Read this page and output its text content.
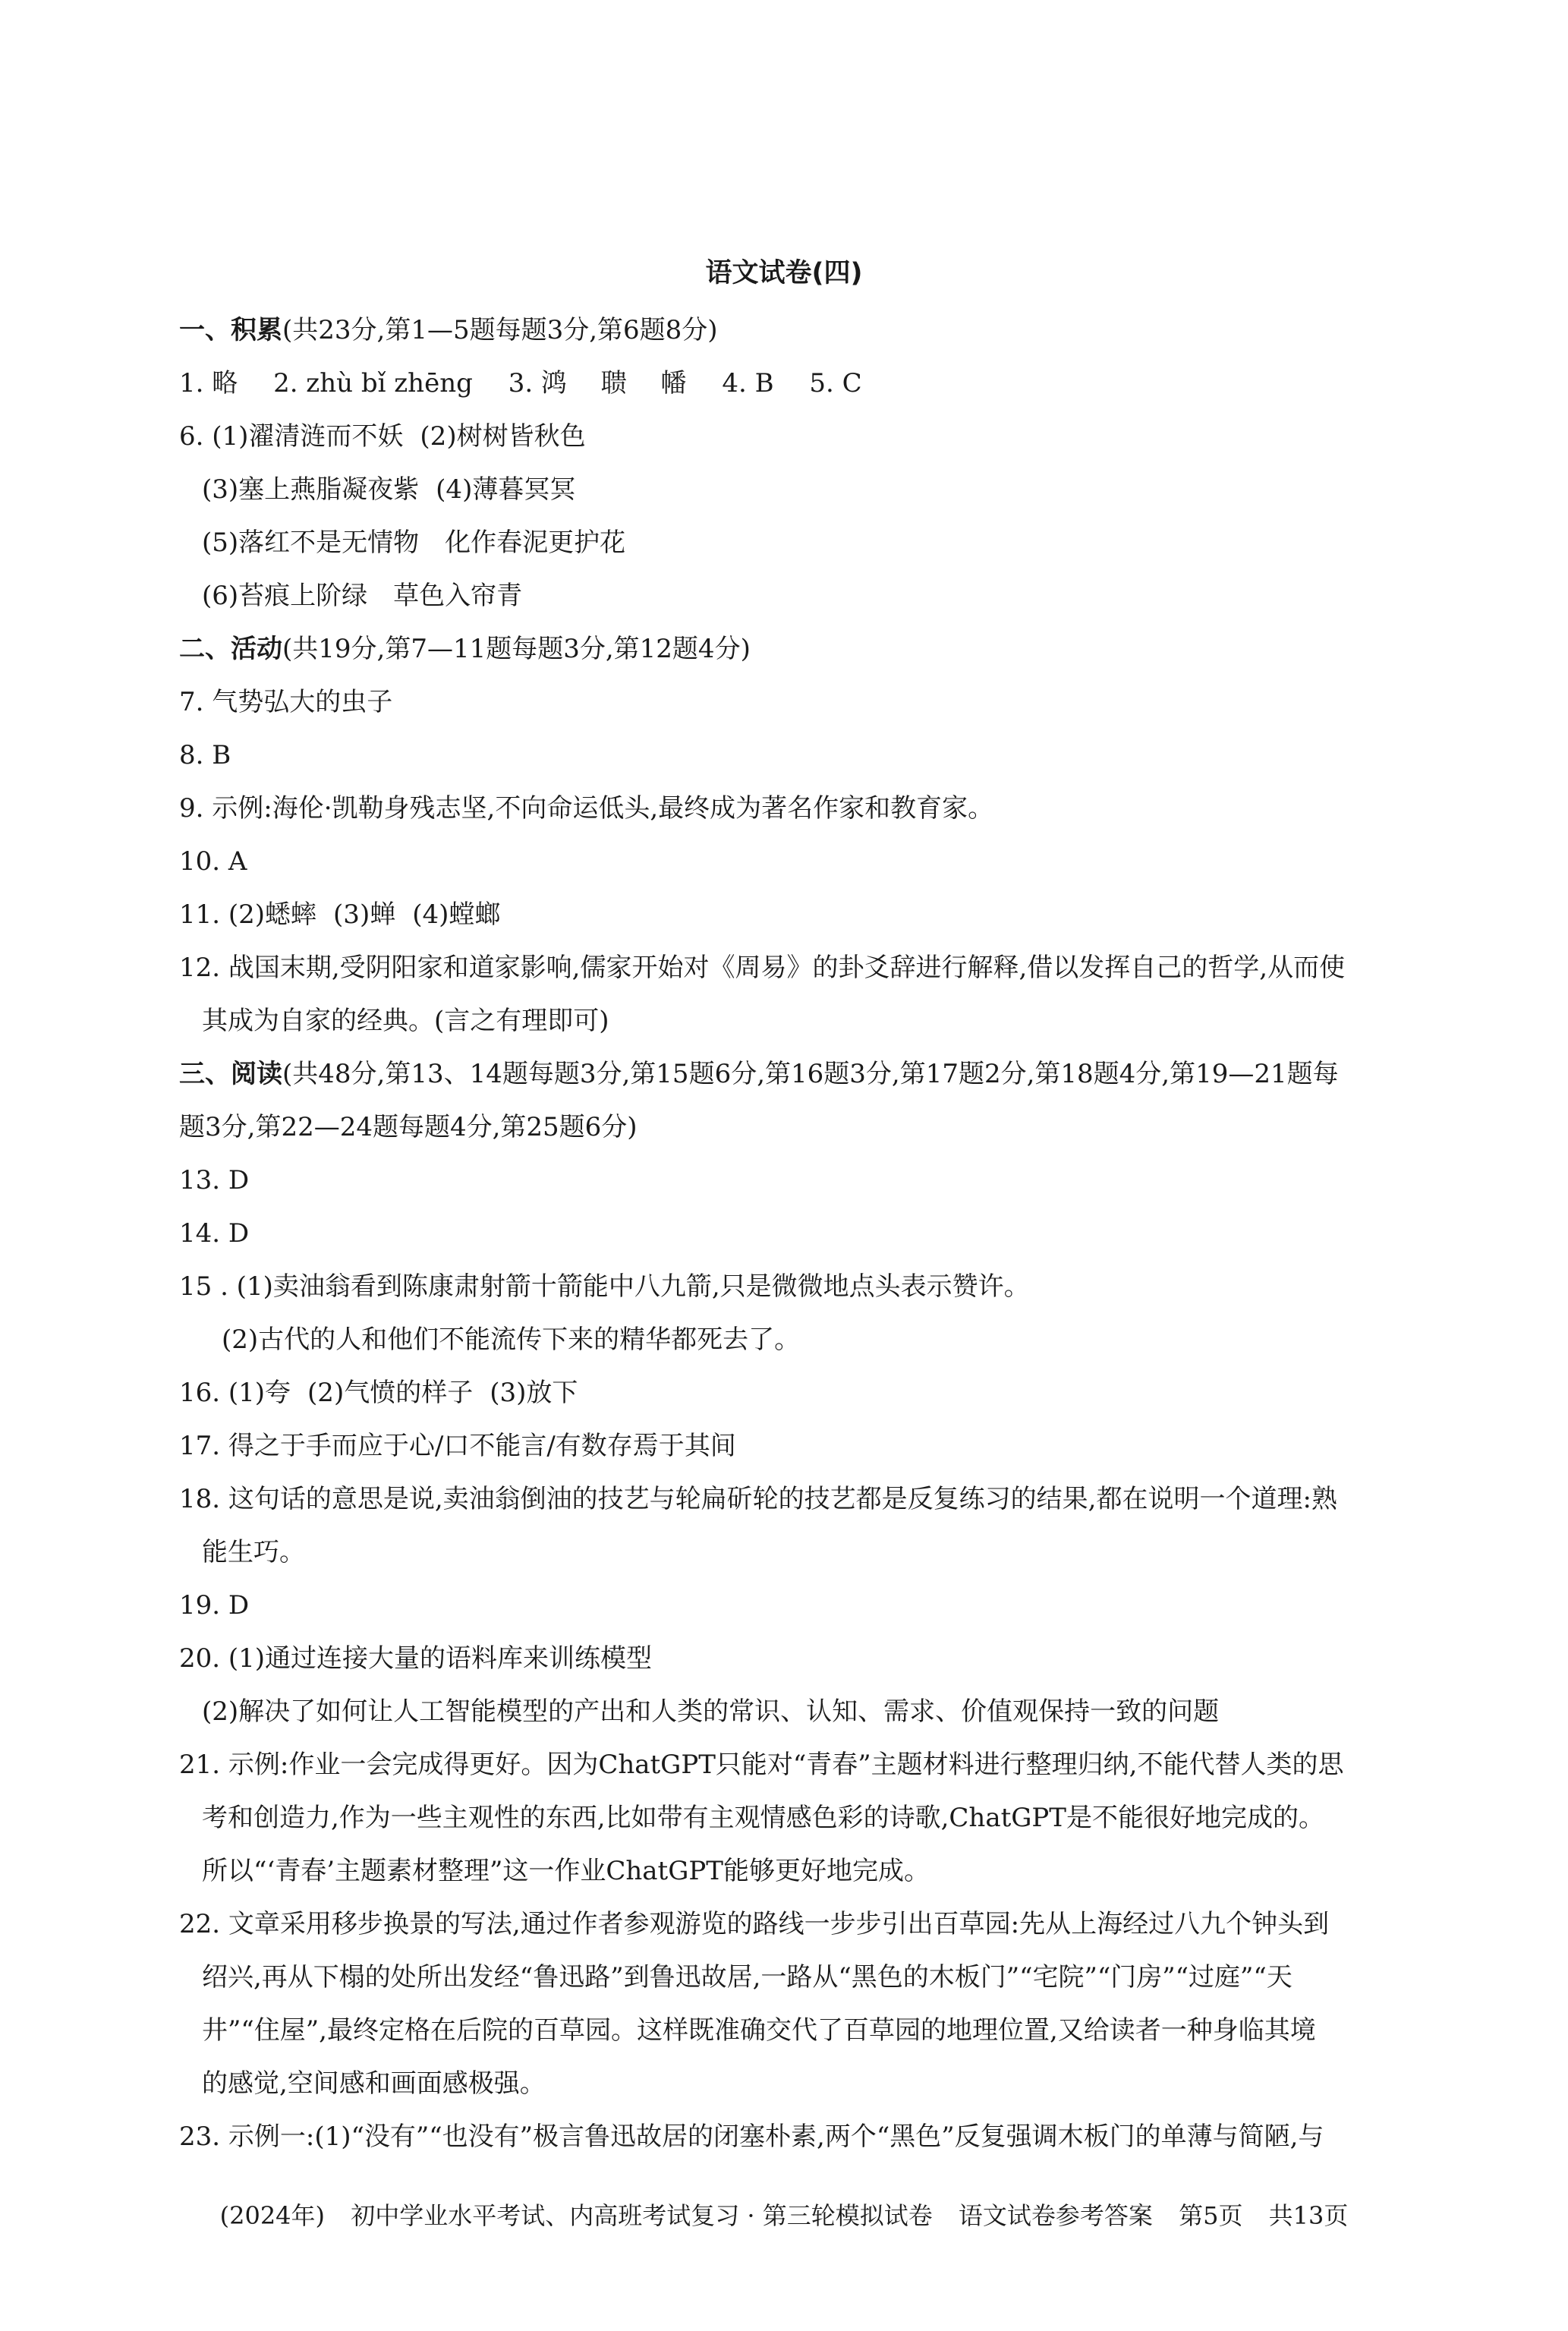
语文试卷(四)
一、积累(共23分,第1—5题每题3分,第6题8分)
1. 略 2. zhù bǐ zhēng 3. 鸿　 聩　 幡 4. B 5. C
6. (1)濯清涟而不妖 (2)树树皆秋色
(3)塞上燕脂凝夜紫 (4)薄暮冥冥
(5)落红不是无情物　化作春泥更护花
(6)苔痕上阶绿　草色入帘青
二、活动(共19分,第7—11题每题3分,第12题4分)
7. 气势弘大的虫子
8. B
9. 示例:海伦·凯勒身残志坚,不向命运低头,最终成为著名作家和教育家。
10. A
11. (2)蟋蟀 (3)蝉 (4)螳螂
12. 战国末期,受阴阳家和道家影响,儒家开始对《周易》的卦爻辞进行解释,借以发挥自己的哲学,从而使
其成为自家的经典。(言之有理即可)
三、阅读(共48分,第13、14题每题3分,第15题6分,第16题3分,第17题2分,第18题4分,第19—21题每
题3分,第22—24题每题4分,第25题6分)
13. D
14. D
15 . (1)卖油翁看到陈康肃射箭十箭能中八九箭,只是微微地点头表示赞许。
(2)古代的人和他们不能流传下来的精华都死去了。
16. (1)夸 (2)气愤的样子 (3)放下
17. 得之于手而应于心/口不能言/有数存焉于其间
18. 这句话的意思是说,卖油翁倒油的技艺与轮扁斫轮的技艺都是反复练习的结果,都在说明一个道理:熟
能生巧。
19. D
20. (1)通过连接大量的语料库来训练模型
(2)解决了如何让人工智能模型的产出和人类的常识、认知、需求、价值观保持一致的问题
21. 示例:作业一会完成得更好。因为ChatGPT只能对“青春”主题材料进行整理归纳,不能代替人类的思
考和创造力,作为一些主观性的东西,比如带有主观情感色彩的诗歌,ChatGPT是不能很好地完成的。
所以“‘青春’主题素材整理”这一作业ChatGPT能够更好地完成。
22. 文章采用移步换景的写法,通过作者参观游览的路线一步步引出百草园:先从上海经过八九个钟头到
绍兴,再从下榻的处所出发经“鲁迅路”到鲁迅故居,一路从“黑色的木板门”“宅院”“门房”“过庭”“天
井”“住屋”,最终定格在后院的百草园。这样既准确交代了百草园的地理位置,又给读者一种身临其境
的感觉,空间感和画面感极强。
23. 示例一:(1)“没有”“也没有”极言鲁迅故居的闭塞朴素,两个“黑色”反复强调木板门的单薄与简陋,与
(2024年) 初中学业水平考试、内高班考试复习 · 第三轮模拟试卷 语文试卷参考答案 第5页 共13页
